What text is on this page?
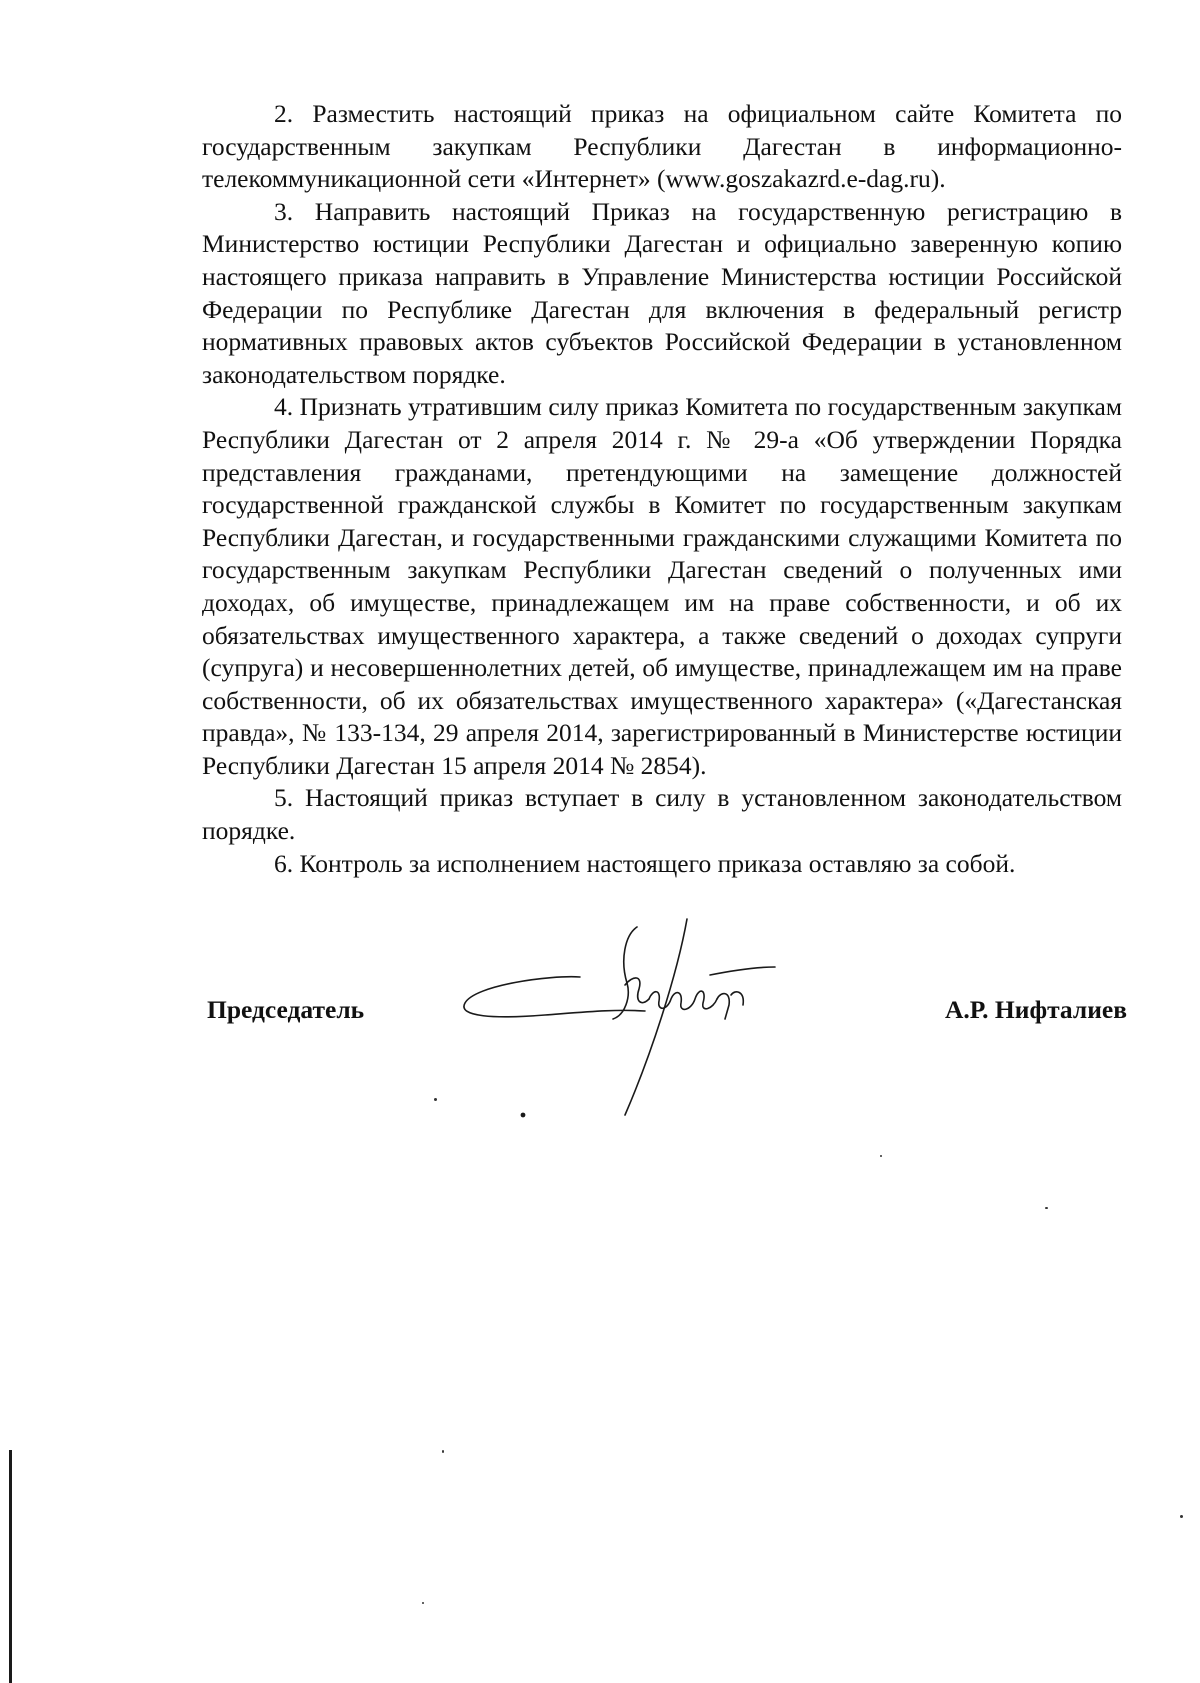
2. Разместить настоящий приказ на официальном сайте Комитета по государственным закупкам Республики Дагестан в информационно-телекоммуникационной сети «Интернет» (www.goszakazrd.e-dag.ru).

3. Направить настоящий Приказ на государственную регистрацию в Министерство юстиции Республики Дагестан и официально заверенную копию настоящего приказа направить в Управление Министерства юстиции Российской Федерации по Республике Дагестан для включения в федеральный регистр нормативных правовых актов субъектов Российской Федерации в установленном законодательством порядке.

4. Признать утратившим силу приказ Комитета по государственным закупкам Республики Дагестан от 2 апреля 2014 г. № 29-а «Об утверждении Порядка представления гражданами, претендующими на замещение должностей государственной гражданской службы в Комитет по государственным закупкам Республики Дагестан, и государственными гражданскими служащими Комитета по государственным закупкам Республики Дагестан сведений о полученных ими доходах, об имуществе, принадлежащем им на праве собственности, и об их обязательствах имущественного характера, а также сведений о доходах супруги (супруга) и несовершеннолетних детей, об имуществе, принадлежащем им на праве собственности, об их обязательствах имущественного характера» («Дагестанская правда», № 133-134, 29 апреля 2014, зарегистрированный в Министерстве юстиции Республики Дагестан 15 апреля 2014 № 2854).

5. Настоящий приказ вступает в силу в установленном законодательством порядке.

6. Контроль за исполнением настоящего приказа оставляю за собой.

Председатель	А.Р. Нифталиев
